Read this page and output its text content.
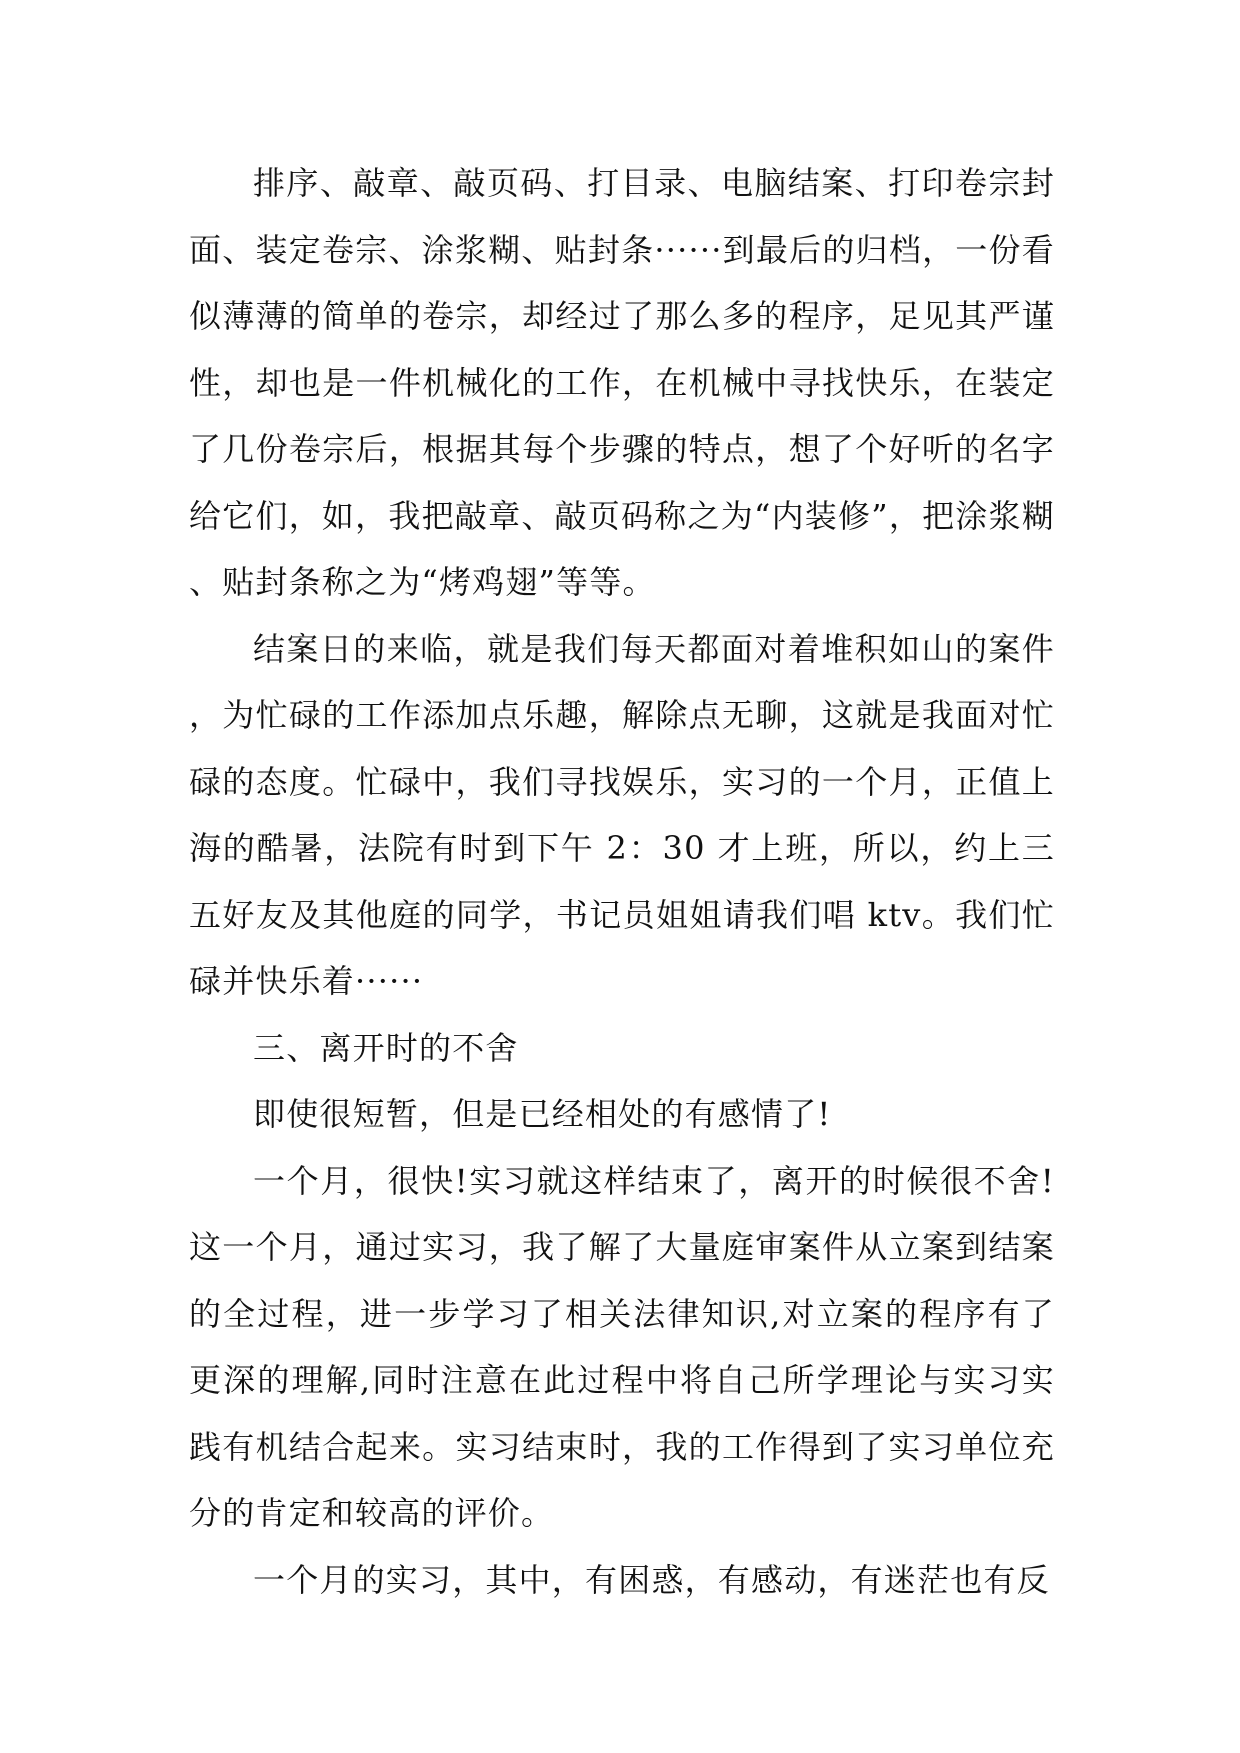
排序、敲章、敲页码、打目录、电脑结案、打印卷宗封面、装定卷宗、涂浆糊、贴封条······到最后的归档，一份看似薄薄的简单的卷宗，却经过了那么多的程序，足见其严谨性，却也是一件机械化的工作，在机械中寻找快乐，在装定了几份卷宗后，根据其每个步骤的特点，想了个好听的名字给它们，如，我把敲章、敲页码称之为“内装修”，把涂浆糊、贴封条称之为“烤鸡翅”等等。

结案日的来临，就是我们每天都面对着堆积如山的案件，为忙碌的工作添加点乐趣，解除点无聊，这就是我面对忙碌的态度。忙碌中，我们寻找娱乐，实习的一个月，正值上海的酷暑，法院有时到下午 2：30 才上班，所以，约上三五好友及其他庭的同学，书记员姐姐请我们唱 ktv。我们忙碌并快乐着······

三、离开时的不舍

即使很短暂，但是已经相处的有感情了!

一个月，很快!实习就这样结束了，离开的时候很不舍!这一个月，通过实习，我了解了大量庭审案件从立案到结案的全过程，进一步学习了相关法律知识,对立案的程序有了更深的理解,同时注意在此过程中将自己所学理论与实习实践有机结合起来。实习结束时，我的工作得到了实习单位充分的肯定和较高的评价。

一个月的实习，其中，有困惑，有感动，有迷茫也有反
